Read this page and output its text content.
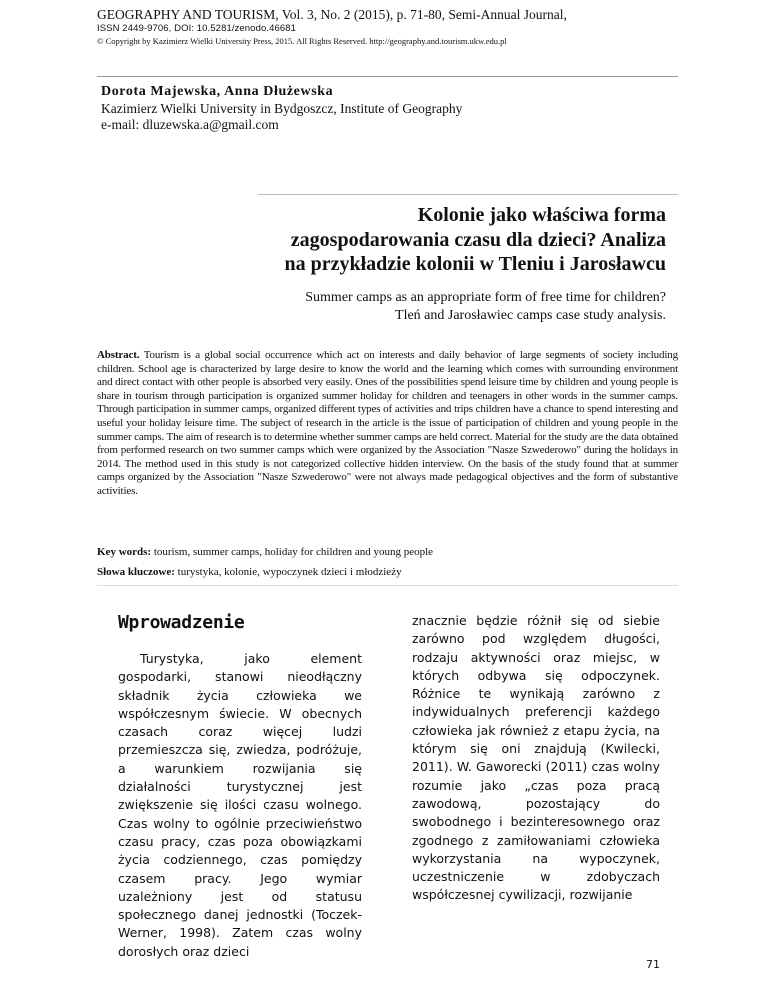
GEOGRAPHY AND TOURISM, Vol. 3, No. 2 (2015), p. 71-80, Semi-Annual Journal,
ISSN 2449-9706, DOI: 10.5281/zenodo.46681
© Copyright by Kazimierz Wielki University Press, 2015. All Rights Reserved. http://geography.and.tourism.ukw.edu.pl
Dorota Majewska, Anna Dłużewska
Kazimierz Wielki University in Bydgoszcz, Institute of Geography
e-mail: dluzewska.a@gmail.com
Kolonie jako właściwa forma
zagospodarowania czasu dla dzieci? Analiza
na przykładzie kolonii w Tleniu i Jarosławcu
Summer camps as an appropriate form of free time for children?
Tleń and Jarosławiec camps case study analysis.
Abstract. Tourism is a global social occurrence which act on interests and daily behavior of large segments of society including children. School age is characterized by large desire to know the world and the learning which comes with surrounding environment and direct contact with other people is absorbed very easily. Ones of the possibilities spend leisure time by children and young people is share in tourism through participation is organized summer holiday for children and teenagers in other words in the summer camps. Through participation in summer camps, organized different types of activities and trips children have a chance to spend interesting and useful your holiday leisure time. The subject of research in the article is the issue of participation of children and young people in the summer camps. The aim of research is to determine whether summer camps are held correct. Material for the study are the data obtained from performed research on two summer camps which were organized by the Association "Nasze Szwederowo" during the holidays in 2014. The method used in this study is not categorized collective hidden interview. On the basis of the study found that at summer camps organized by the Association "Nasze Szwederowo" were not always made pedagogical objectives and the form of substantive activities.
Key words: tourism, summer camps, holiday for children and young people
Słowa kluczowe: turystyka, kolonie, wypoczynek dzieci i młodzieży
Wprowadzenie
Turystyka, jako element gospodarki, stanowi nieodłączny składnik życia człowieka we współczesnym świecie. W obecnych czasach coraz więcej ludzi przemieszcza się, zwiedza, podróżuje, a warunkiem rozwijania się działalności turystycznej jest zwiększenie się ilości czasu wolnego. Czas wolny to ogólnie przeciwieństwo czasu pracy, czas poza obowiązkami życia codziennego, czas pomiędzy czasem pracy. Jego wymiar uzależniony jest od statusu społecznego danej jednostki (Toczek-Werner, 1998). Zatem czas wolny dorosłych oraz dzieci
znacznie będzie różnił się od siebie zarówno pod względem długości, rodzaju aktywności oraz miejsc, w których odbywa się odpoczynek. Różnice te wynikają zarówno z indywidualnych preferencji każdego człowieka jak również z etapu życia, na którym się oni znajdują (Kwilecki, 2011). W. Gaworecki (2011) czas wolny rozumie jako „czas poza pracą zawodową, pozostający do swobodnego i bezinteresownego oraz zgodnego z zamiłowaniami człowieka wykorzystania na wypoczynek, uczestniczenie w zdobyczach współczesnej cywilizacji, rozwijanie
71
